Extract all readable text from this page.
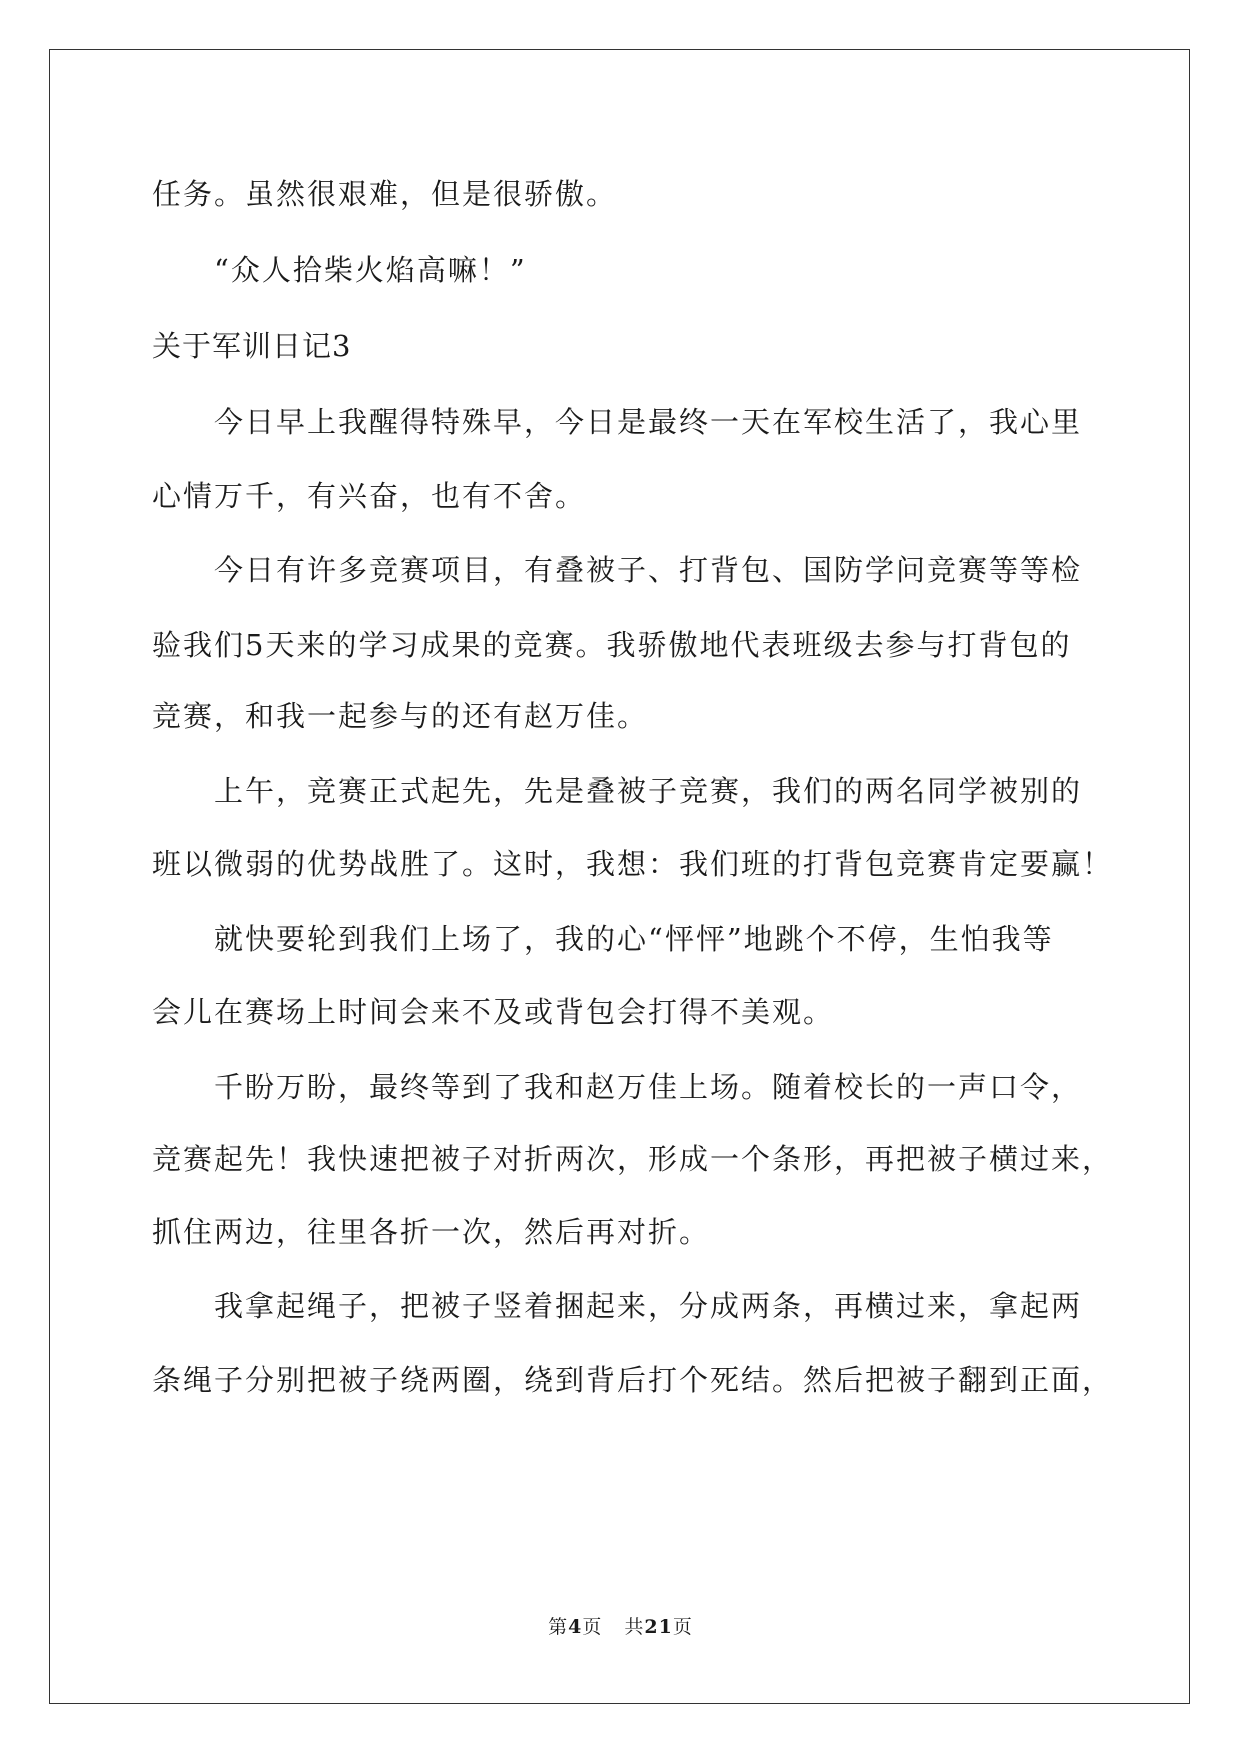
任务。虽然很艰难，但是很骄傲。
“众人拾柴火焰高嘛！”
关于军训日记3
今日早上我醒得特殊早，今日是最终一天在军校生活了，我心里
心情万千，有兴奋，也有不舍。
今日有许多竞赛项目，有叠被子、打背包、国防学问竞赛等等检
验我们5天来的学习成果的竞赛。我骄傲地代表班级去参与打背包的
竞赛，和我一起参与的还有赵万佳。
上午，竞赛正式起先，先是叠被子竞赛，我们的两名同学被别的
班以微弱的优势战胜了。这时，我想：我们班的打背包竞赛肯定要赢！
就快要轮到我们上场了，我的心“怦怦”地跳个不停，生怕我等
会儿在赛场上时间会来不及或背包会打得不美观。
千盼万盼，最终等到了我和赵万佳上场。随着校长的一声口令，
竞赛起先！我快速把被子对折两次，形成一个条形，再把被子横过来，
抓住两边，往里各折一次，然后再对折。
我拿起绳子，把被子竖着捆起来，分成两条，再横过来，拿起两
条绳子分别把被子绕两圈，绕到背后打个死结。然后把被子翻到正面，
第4页 共21页
